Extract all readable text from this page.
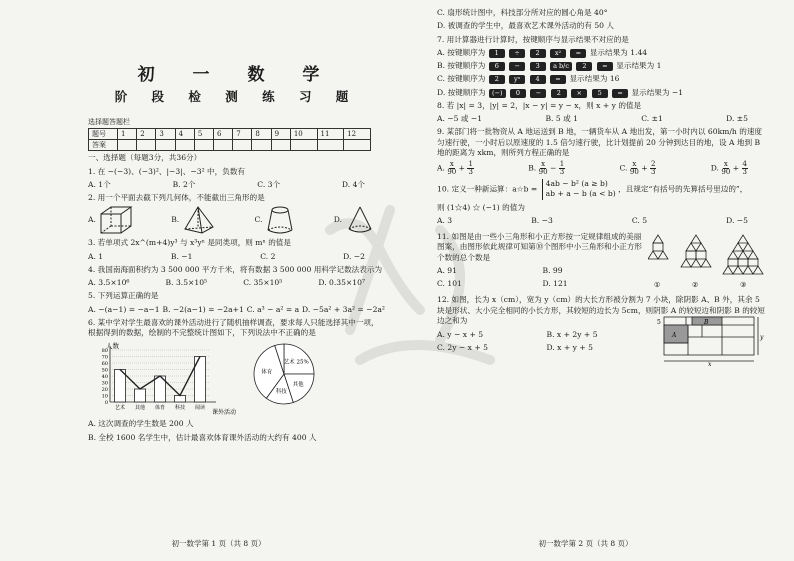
初 一 数 学
阶 段 检 测 练 习 题
选择题答题栏
题号	1	2	3	4	5	6	7	8	9	10	11	12
答案												
一、选择题（每题3分，共36分）
1. 在 −(−3)、(−3)²、|−3|、−3² 中，负数有
A. 1个	B. 2个	C. 3个	D. 4个
2. 用一个平面去截下列几何体，不能截出三角形的是
A.	B.	C.	D.
3. 若单项式 2x^(m+4)y³ 与 x³yⁿ 是同类项，则 mⁿ 的值是
A. 1	B. −1	C. 2	D. −2
4. 我国南海面积约为 3 500 000 平方千米，将有数据 3 500 000 用科学记数法表示为
A. 3.5×10⁶	B. 3.5×10⁵	C. 35×10⁵	D. 0.35×10⁷
5. 下列运算正确的是
A. −(a−1) = −a−1 B. −2(a−1) = −2a+1 C. a³ − a² = a D. −5a² + 3a² = −2a²
6. 某中学对学生最喜欢的课外活动进行了随机抽样调查，要求每人只能选择其中一项，根据得到的数据，绘制的不完整统计图如下，下列说法中不正确的是
人数
课外活动
0
10
20
30
40
50
60
70
80
艺术 其他 体育 科技 阅读
艺术 25%
其他
科技
体育
A. 这次调查的学生数是 200 人
B. 全校 1600 名学生中，估计最喜欢体育课外活动的大约有 400 人
初一数学第 1 页（共 8 页）
C. 扇形统计图中，科技部分所对应的圆心角是 40°
D. 被调查的学生中，最喜欢艺术课外活动的有 50 人
7. 用计算器进行计算时，按键顺序与显示结果不对应的是
A. 按键顺序为 1 ÷ 2 x² = 显示结果为 1.44
B. 按键顺序为 6 − 3 a b/c 2 = 显示结果为 1
C. 按键顺序为 2 yˣ 4 = 显示结果为 16
D. 按键顺序为 (−) 0 − 2 × 5 = 显示结果为 −1
8. 若 |x| = 3，|y| = 2，|x − y| = y − x，则 x + y 的值是
A. −5 或 −1	B. 5 或 1	C. ±1	D. ±5
9. 某部门将一批物资从 A 地运送到 B 地，一辆货车从 A 地出发，第一小时内以 60km/h 的速度匀速行驶，一小时后以原速度的 1.5 倍匀速行驶，比计划提前 20 分钟到达目的地，设 A 地到 B 地的距离为 xkm，则所列方程正确的是
A. $\frac{x}{90} + \frac{1}{3}$	B. $\frac{x}{90} - \frac{1}{3}$	C. $\frac{x}{90} + \frac{2}{3}$	D. $\frac{x}{90} + \frac{4}{3}$
10. 定义一种新运算：a☆b =
4ab − b² (a ≥ b)
ab + a − b (a < b)
，且规定“有括号的先算括号里边的”，
则 (1☆4) ☆ (−1) 的值为
A. 3	B. −3	C. 5	D. −5
11. 如图是由一些小三角形和小正方形按一定规律组成的美丽图案，由图形依此规律可知第⑩个图形中小三角形和小正方形个数的总个数是
A. 91	B. 99
C. 101	D. 121	①	②	③
12. 如图，长为 x（cm），宽为 y（cm）的大长方形被分割为 7 小块，除阴影 A、B 外，其余 5 块是形状、大小完全相同的小长方形，其较短的边长为 5cm，则阴影 A 的较短边和阴影 B 的较短边之和为
A. y − x + 5	B. x + 2y + 5
C. 2y − x + 5	D. x + y + 5
5	B
A
x
y
初一数学第 2 页（共 8 页）
